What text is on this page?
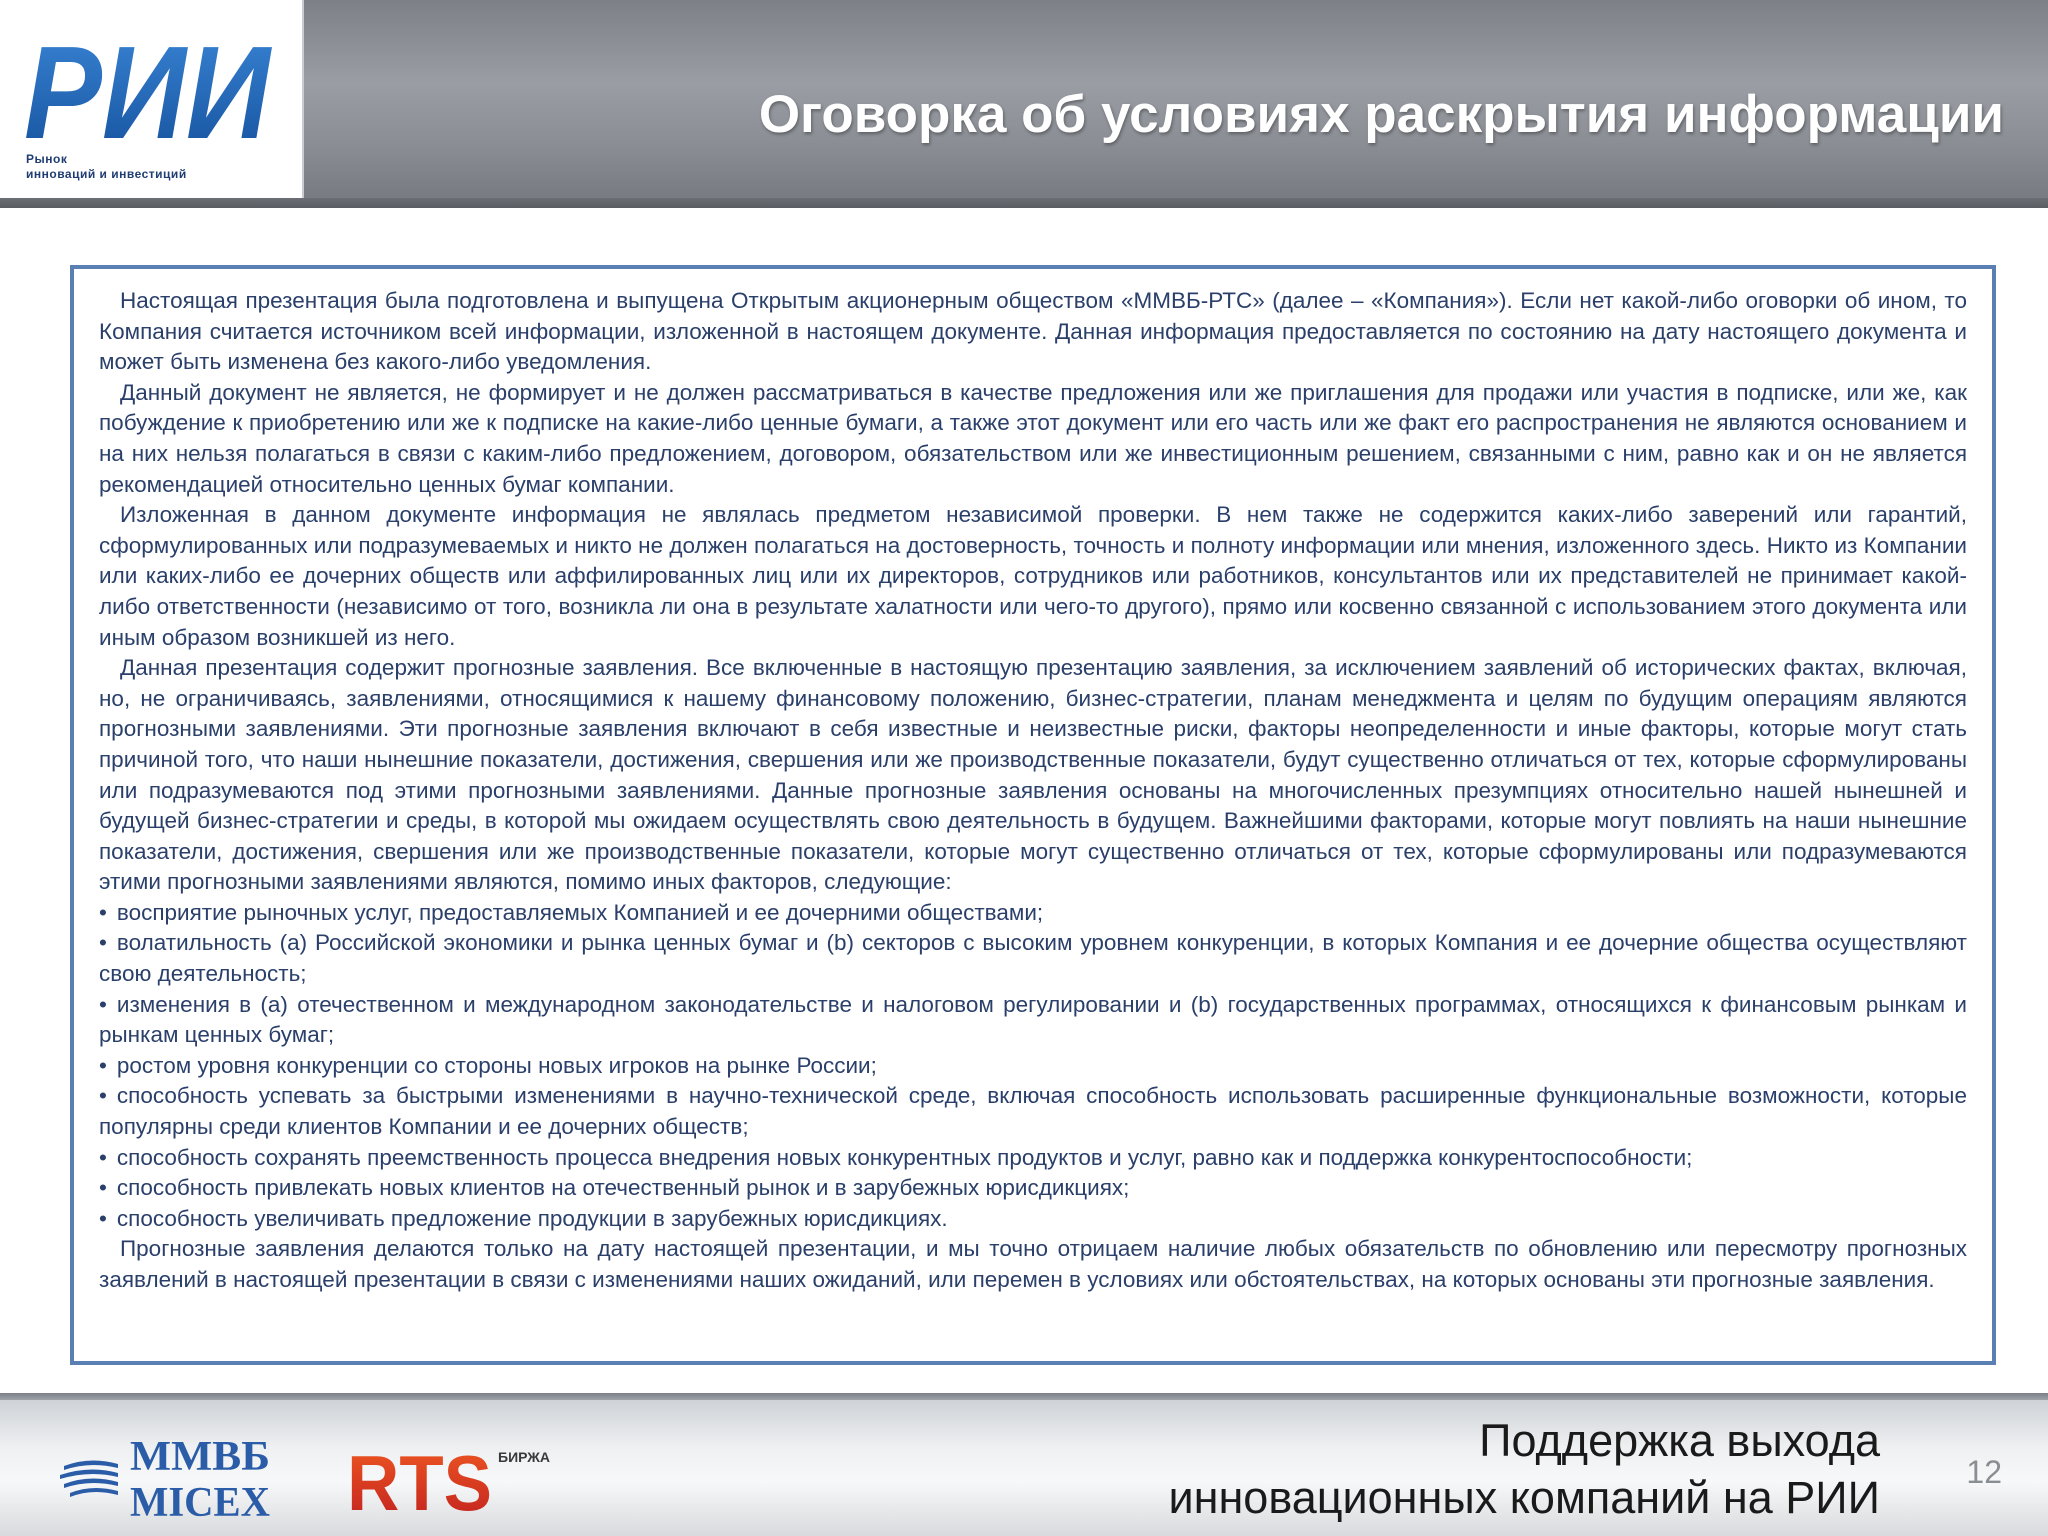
РИИ
Рынок
инноваций и инвестиций
Оговорка об условиях раскрытия информации

Настоящая презентация была подготовлена и выпущена Открытым акционерным обществом «ММВБ-РТС» (далее – «Компания»). Если нет какой-либо оговорки об ином, то Компания считается источником всей информации, изложенной в настоящем документе. Данная информация предоставляется по состоянию на дату настоящего документа и может быть изменена без какого-либо уведомления.

Данный документ не является, не формирует и не должен рассматриваться в качестве предложения или же приглашения для продажи или участия в подписке, или же, как побуждение к приобретению или же к подписке на какие-либо ценные бумаги, а также этот документ или его часть или же факт его распространения не являются основанием и на них нельзя полагаться в связи с каким-либо предложением, договором, обязательством или же инвестиционным решением, связанными с ним, равно как и он не является рекомендацией относительно ценных бумаг компании.

Изложенная в данном документе информация не являлась предметом независимой проверки. В нем также не содержится каких-либо заверений или гарантий, сформулированных или подразумеваемых и никто не должен полагаться на достоверность, точность и полноту информации или мнения, изложенного здесь. Никто из Компании или каких-либо ее дочерних обществ или аффилированных лиц или их директоров, сотрудников или работников, консультантов или их представителей не принимает какой-либо ответственности (независимо от того, возникла ли она в результате халатности или чего-то другого), прямо или косвенно связанной с использованием этого документа или иным образом возникшей из него.

Данная презентация содержит прогнозные заявления. Все включенные в настоящую презентацию заявления, за исключением заявлений об исторических фактах, включая, но, не ограничиваясь, заявлениями, относящимися к нашему финансовому положению, бизнес-стратегии, планам менеджмента и целям по будущим операциям являются прогнозными заявлениями. Эти прогнозные заявления включают в себя известные и неизвестные риски, факторы неопределенности и иные факторы, которые могут стать причиной того, что наши нынешние показатели, достижения, свершения или же производственные показатели, будут существенно отличаться от тех, которые сформулированы или подразумеваются под этими прогнозными заявлениями. Данные прогнозные заявления основаны на многочисленных презумпциях относительно нашей нынешней и будущей бизнес-стратегии и среды, в которой мы ожидаем осуществлять свою деятельность в будущем. Важнейшими факторами, которые могут повлиять на наши нынешние показатели, достижения, свершения или же производственные показатели, которые могут существенно отличаться от тех, которые сформулированы или подразумеваются этими прогнозными заявлениями являются, помимо иных факторов, следующие:

• восприятие рыночных услуг, предоставляемых Компанией и ее дочерними обществами;

• волатильность (a) Российской экономики и рынка ценных бумаг и (b) секторов с высоким уровнем конкуренции, в которых Компания и ее дочерние общества осуществляют свою деятельность;

• изменения в (a) отечественном и международном законодательстве и налоговом регулировании и (b) государственных программах, относящихся к финансовым рынкам и рынкам ценных бумаг;

• ростом уровня конкуренции со стороны новых игроков на рынке России;

• способность успевать за быстрыми изменениями в научно-технической среде, включая способность использовать расширенные функциональные возможности, которые популярны среди клиентов Компании и ее дочерних обществ;

• способность сохранять преемственность процесса внедрения новых конкурентных продуктов и услуг, равно как и поддержка конкурентоспособности;

• способность привлекать новых клиентов на отечественный рынок и в зарубежных юрисдикциях;

• способность увеличивать предложение продукции в зарубежных юрисдикциях.

Прогнозные заявления делаются только на дату настоящей презентации, и мы точно отрицаем наличие любых обязательств по обновлению или пересмотру прогнозных заявлений в настоящей презентации в связи с изменениями наших ожиданий, или перемен в условиях или обстоятельствах, на которых основаны эти прогнозные заявления.

ММВБ
MICEX RTS БИРЖА	Поддержка выхода
инновационных компаний на РИИ	12
